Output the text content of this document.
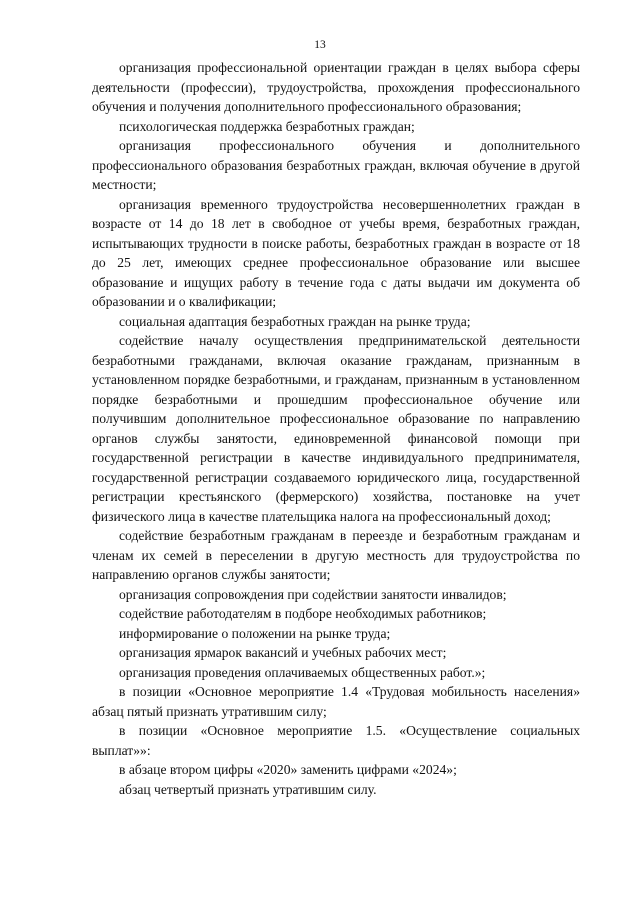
13

организация профессиональной ориентации граждан в целях выбора сферы деятельности (профессии), трудоустройства, прохождения профессионального обучения и получения дополнительного профессионального образования;

психологическая поддержка безработных граждан;

организация профессионального обучения и дополнительного профессионального образования безработных граждан, включая обучение в другой местности;

организация временного трудоустройства несовершеннолетних граждан в возрасте от 14 до 18 лет в свободное от учебы время, безработных граждан, испытывающих трудности в поиске работы, безработных граждан в возрасте от 18 до 25 лет, имеющих среднее профессиональное образование или высшее образование и ищущих работу в течение года с даты выдачи им документа об образовании и о квалификации;

социальная адаптация безработных граждан на рынке труда;

содействие началу осуществления предпринимательской деятельности безработными гражданами, включая оказание гражданам, признанным в установленном порядке безработными, и гражданам, признанным в установленном порядке безработными и прошедшим профессиональное обучение или получившим дополнительное профессиональное образование по направлению органов службы занятости, единовременной финансовой помощи при государственной регистрации в качестве индивидуального предпринимателя, государственной регистрации создаваемого юридического лица, государственной регистрации крестьянского (фермерского) хозяйства, постановке на учет физического лица в качестве плательщика налога на профессиональный доход;

содействие безработным гражданам в переезде и безработным гражданам и членам их семей в переселении в другую местность для трудоустройства по направлению органов службы занятости;

организация сопровождения при содействии занятости инвалидов;

содействие работодателям в подборе необходимых работников;

информирование о положении на рынке труда;

организация ярмарок вакансий и учебных рабочих мест;

организация проведения оплачиваемых общественных работ.»;

в позиции «Основное мероприятие 1.4 «Трудовая мобильность населения» абзац пятый признать утратившим силу;

в позиции «Основное мероприятие 1.5. «Осуществление социальных выплат»»:

в абзаце втором цифры «2020» заменить цифрами «2024»;

абзац четвертый признать утратившим силу.
